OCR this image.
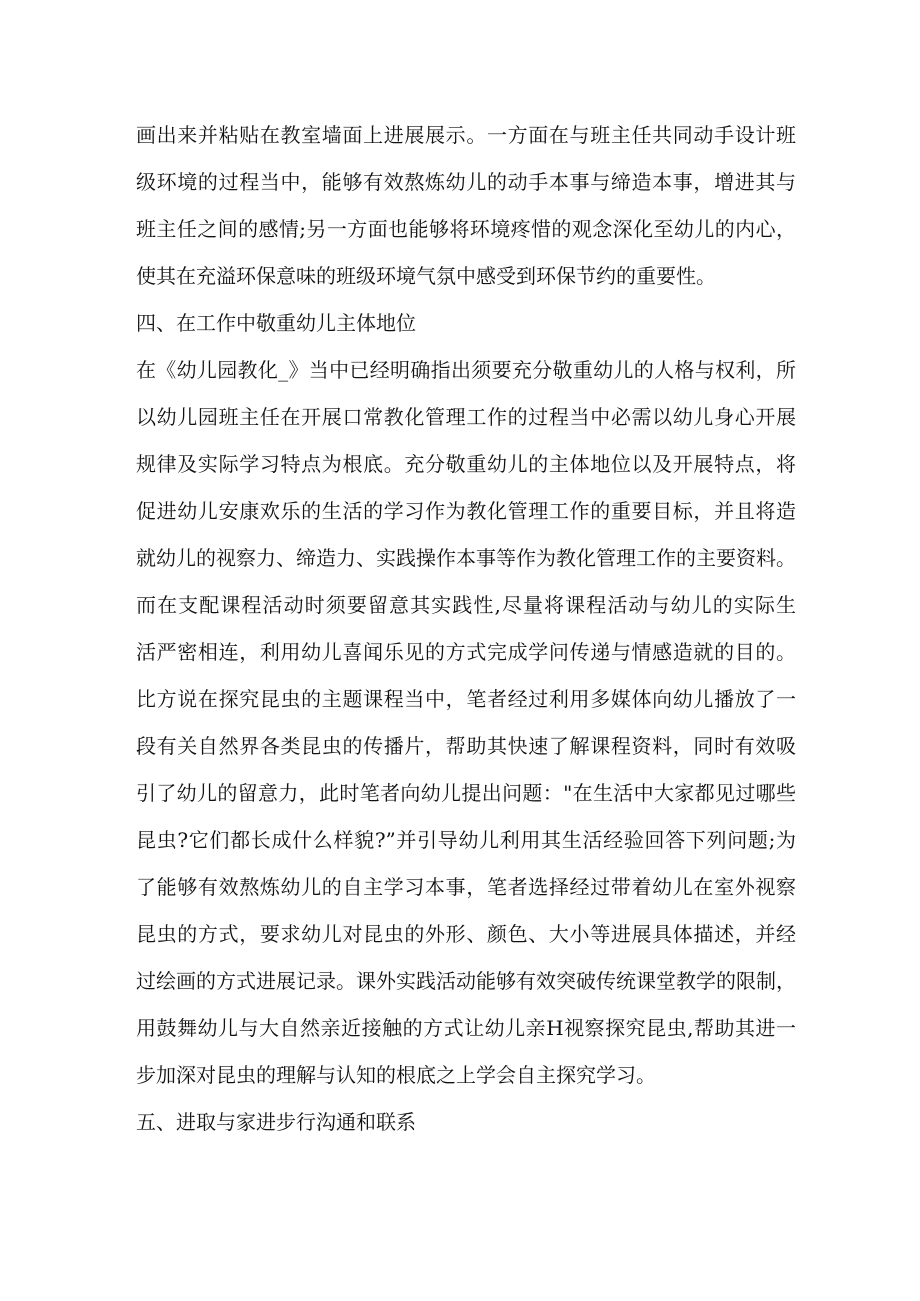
画出来并粘贴在教室墙面上进展展示。一方面在与班主任共同动手设计班
级环境的过程当中，能够有效熬炼幼儿的动手本事与缔造本事，增进其与
班主任之间的感情;另一方面也能够将环境疼惜的观念深化至幼儿的内心，
使其在充溢环保意味的班级环境气氛中感受到环保节约的重要性。
四、在工作中敬重幼儿主体地位
在《幼儿园教化_》当中已经明确指出须要充分敬重幼儿的人格与权利，所
以幼儿园班主任在开展口常教化管理工作的过程当中必需以幼儿身心开展
规律及实际学习特点为根底。充分敬重幼儿的主体地位以及开展特点，将
促进幼儿安康欢乐的生活的学习作为教化管理工作的重要目标，并且将造
就幼儿的视察力、缔造力、实践操作本事等作为教化管理工作的主要资料。
而在支配课程活动时须要留意其实践性,尽量将课程活动与幼儿的实际生
活严密相连，利用幼儿喜闻乐见的方式完成学问传递与情感造就的目的。
比方说在探究昆虫的主题课程当中，笔者经过利用多媒体向幼儿播放了一
段有关自然界各类昆虫的传播片，帮助其快速了解课程资料，同时有效吸
引了幼儿的留意力，此时笔者向幼儿提出问题："在生活中大家都见过哪些
昆虫?它们都长成什么样貌?”并引导幼儿利用其生活经验回答下列问题;为
了能够有效熬炼幼儿的自主学习本事，笔者选择经过带着幼儿在室外视察
昆虫的方式，要求幼儿对昆虫的外形、颜色、大小等进展具体描述，并经
过绘画的方式进展记录。课外实践活动能够有效突破传统课堂教学的限制，
用鼓舞幼儿与大自然亲近接触的方式让幼儿亲H视察探究昆虫,帮助其进一
步加深对昆虫的理解与认知的根底之上学会自主探究学习。
五、进取与家进步行沟通和联系
